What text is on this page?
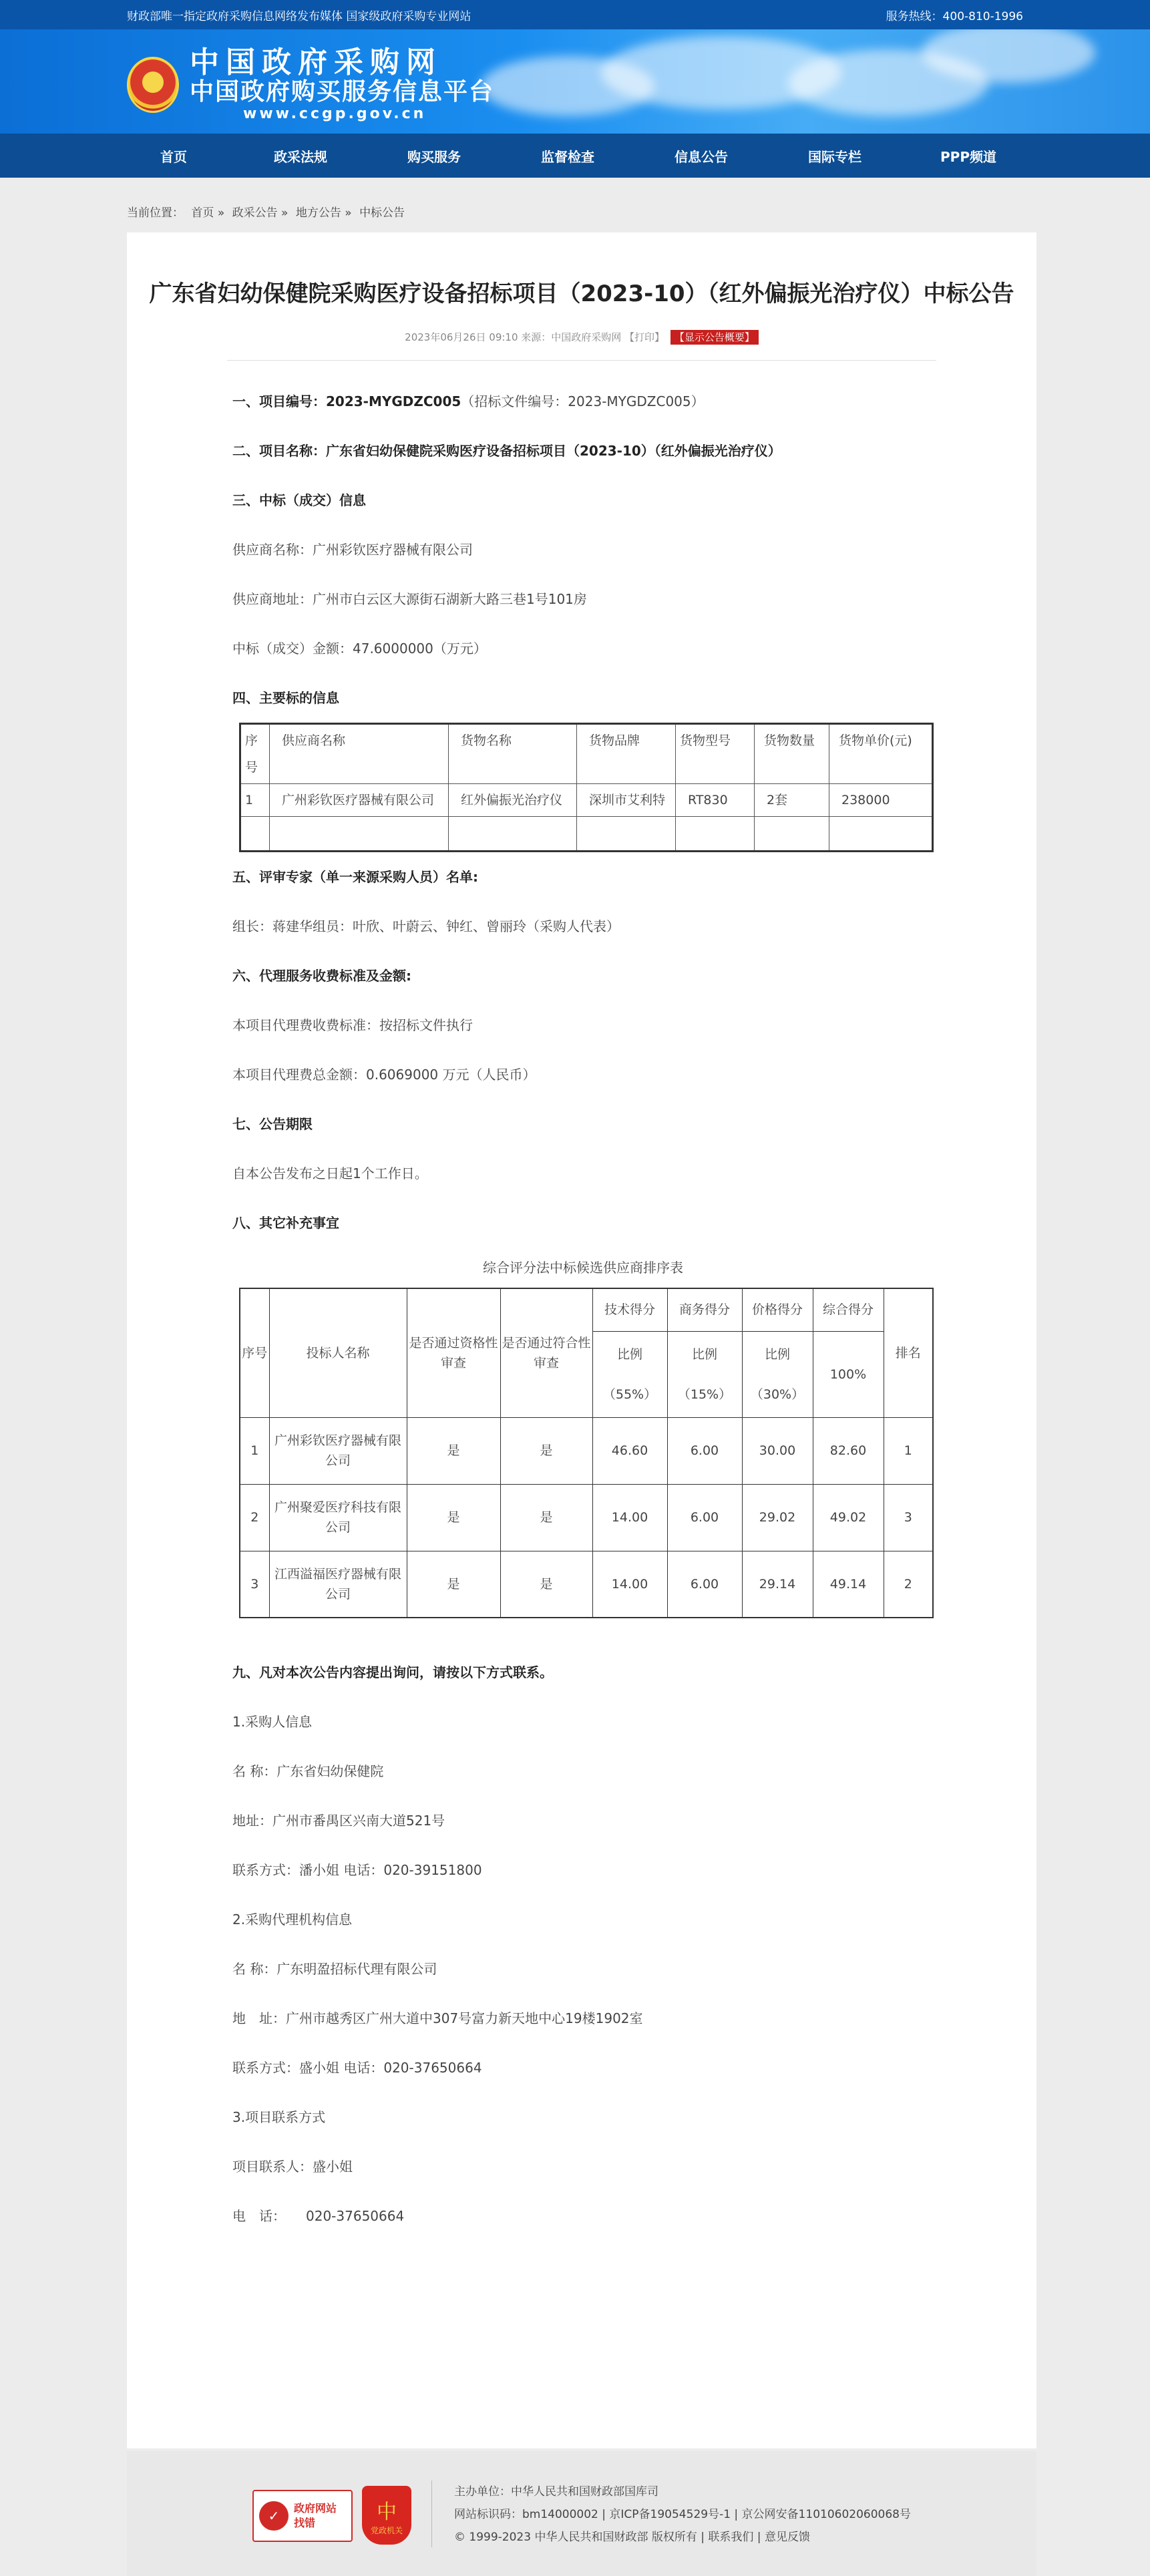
财政部唯一指定政府采购信息网络发布媒体 国家级政府采购专业网站	服务热线：400-810-1996
★
中国政府采购网
中国政府购买服务信息平台
www.ccgp.gov.cn
首页	政采法规	购买服务	监督检查	信息公告	国际专栏	PPP频道
当前位置： 首页 » 政采公告 » 地方公告 » 中标公告
广东省妇幼保健院采购医疗设备招标项目（2023-10）（红外偏振光治疗仪）中标公告
2023年06月26日 09:10 来源：中国政府采购网 【打印】 【显示公告概要】
一、项目编号：2023-MYGDZC005（招标文件编号：2023-MYGDZC005）
二、项目名称：广东省妇幼保健院采购医疗设备招标项目（2023-10）（红外偏振光治疗仪）
三、中标（成交）信息
供应商名称：广州彩钦医疗器械有限公司
供应商地址：广州市白云区大源街石湖新大路三巷1号101房
中标（成交）金额：47.6000000（万元）
四、主要标的信息
序号	供应商名称	货物名称	货物品牌	货物型号	货物数量	货物单价(元)
1	广州彩钦医疗器械有限公司	红外偏振光治疗仪	深圳市艾利特	RT830	2套	238000

五、评审专家（单一来源采购人员）名单:
组长：蒋建华组员：叶欣、叶蔚云、钟红、曾丽玲（采购人代表）
六、代理服务收费标准及金额:
本项目代理费收费标准：按招标文件执行
本项目代理费总金额：0.6069000 万元（人民币）
七、公告期限
自本公告发布之日起1个工作日。
八、其它补充事宜
综合评分法中标候选供应商排序表
序号	投标人名称	是否通过资格性审查	是否通过符合性审查	技术得分	商务得分	价格得分	综合得分	排名
				比例（55%）	比例（15%）	比例（30%）	100%	
1	广州彩钦医疗器械有限公司	是	是	46.60	6.00	30.00	82.60	1
2	广州聚爱医疗科技有限公司	是	是	14.00	6.00	29.02	49.02	3
3	江西溢福医疗器械有限公司	是	是	14.00	6.00	29.14	49.14	2
九、凡对本次公告内容提出询问，请按以下方式联系。
1.采购人信息
名 称：广东省妇幼保健院
地址：广州市番禺区兴南大道521号
联系方式：潘小姐 电话：020-39151800
2.采购代理机构信息
名 称：广东明盈招标代理有限公司
地　址：广州市越秀区广州大道中307号富力新天地中心19楼1902室
联系方式：盛小姐 电话：020-37650664
3.项目联系方式
项目联系人：盛小姐
电　话：　　020-37650664
✓	政府网站
找错	中
党政机关
主办单位：中华人民共和国财政部国库司
网站标识码：bm14000002 | 京ICP备19054529号-1 | 京公网安备11010602060068号
© 1999-2023 中华人民共和国财政部 版权所有 | 联系我们 | 意见反馈
